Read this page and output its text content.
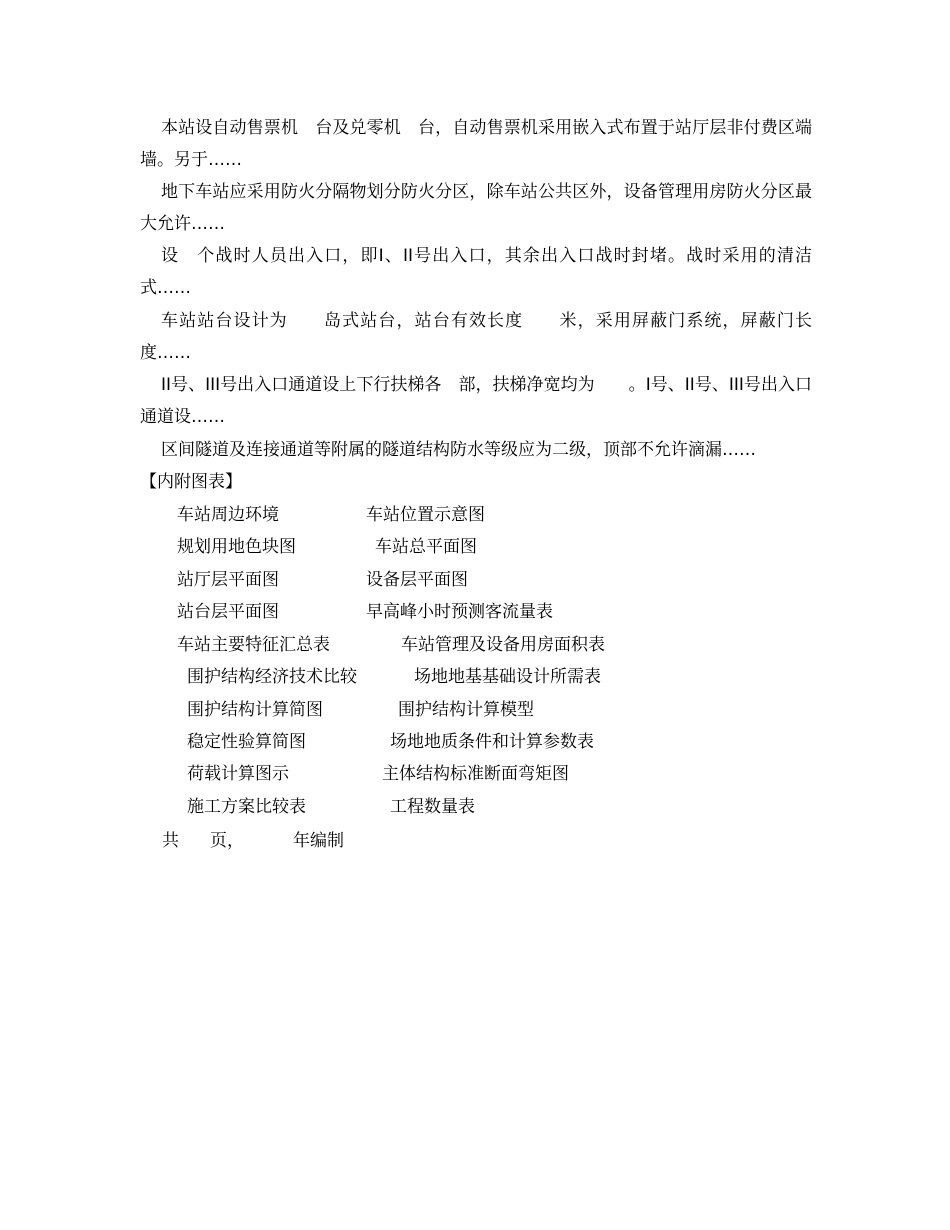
本站设自动售票机　台及兑零机　台，自动售票机采用嵌入式布置于站厅层非付费区端墙。另于……

地下车站应采用防火分隔物划分防火分区，除车站公共区外，设备管理用房防火分区最大允许……

设　个战时人员出入口，即I、II号出入口，其余出入口战时封堵。战时采用的清洁式……

车站站台设计为　　岛式站台，站台有效长度　　米，采用屏蔽门系统，屏蔽门长度……

II号、III号出入口通道设上下行扶梯各　部，扶梯净宽均为　　。I号、II号、III号出入口通道设……

区间隧道及连接通道等附属的隧道结构防水等级应为二级，顶部不允许滴漏……

【内附图表】

车站周边环境	车站位置示意图
规划用地色块图	车站总平面图
站厅层平面图	设备层平面图
站台层平面图	早高峰小时预测客流量表
车站主要特征汇总表	车站管理及设备用房面积表
围护结构经济技术比较	场地地基基础设计所需表
围护结构计算简图	围护结构计算模型
稳定性验算简图	场地地质条件和计算参数表
荷载计算图示	主体结构标准断面弯矩图
施工方案比较表	工程数量表
共 页，	年编制
